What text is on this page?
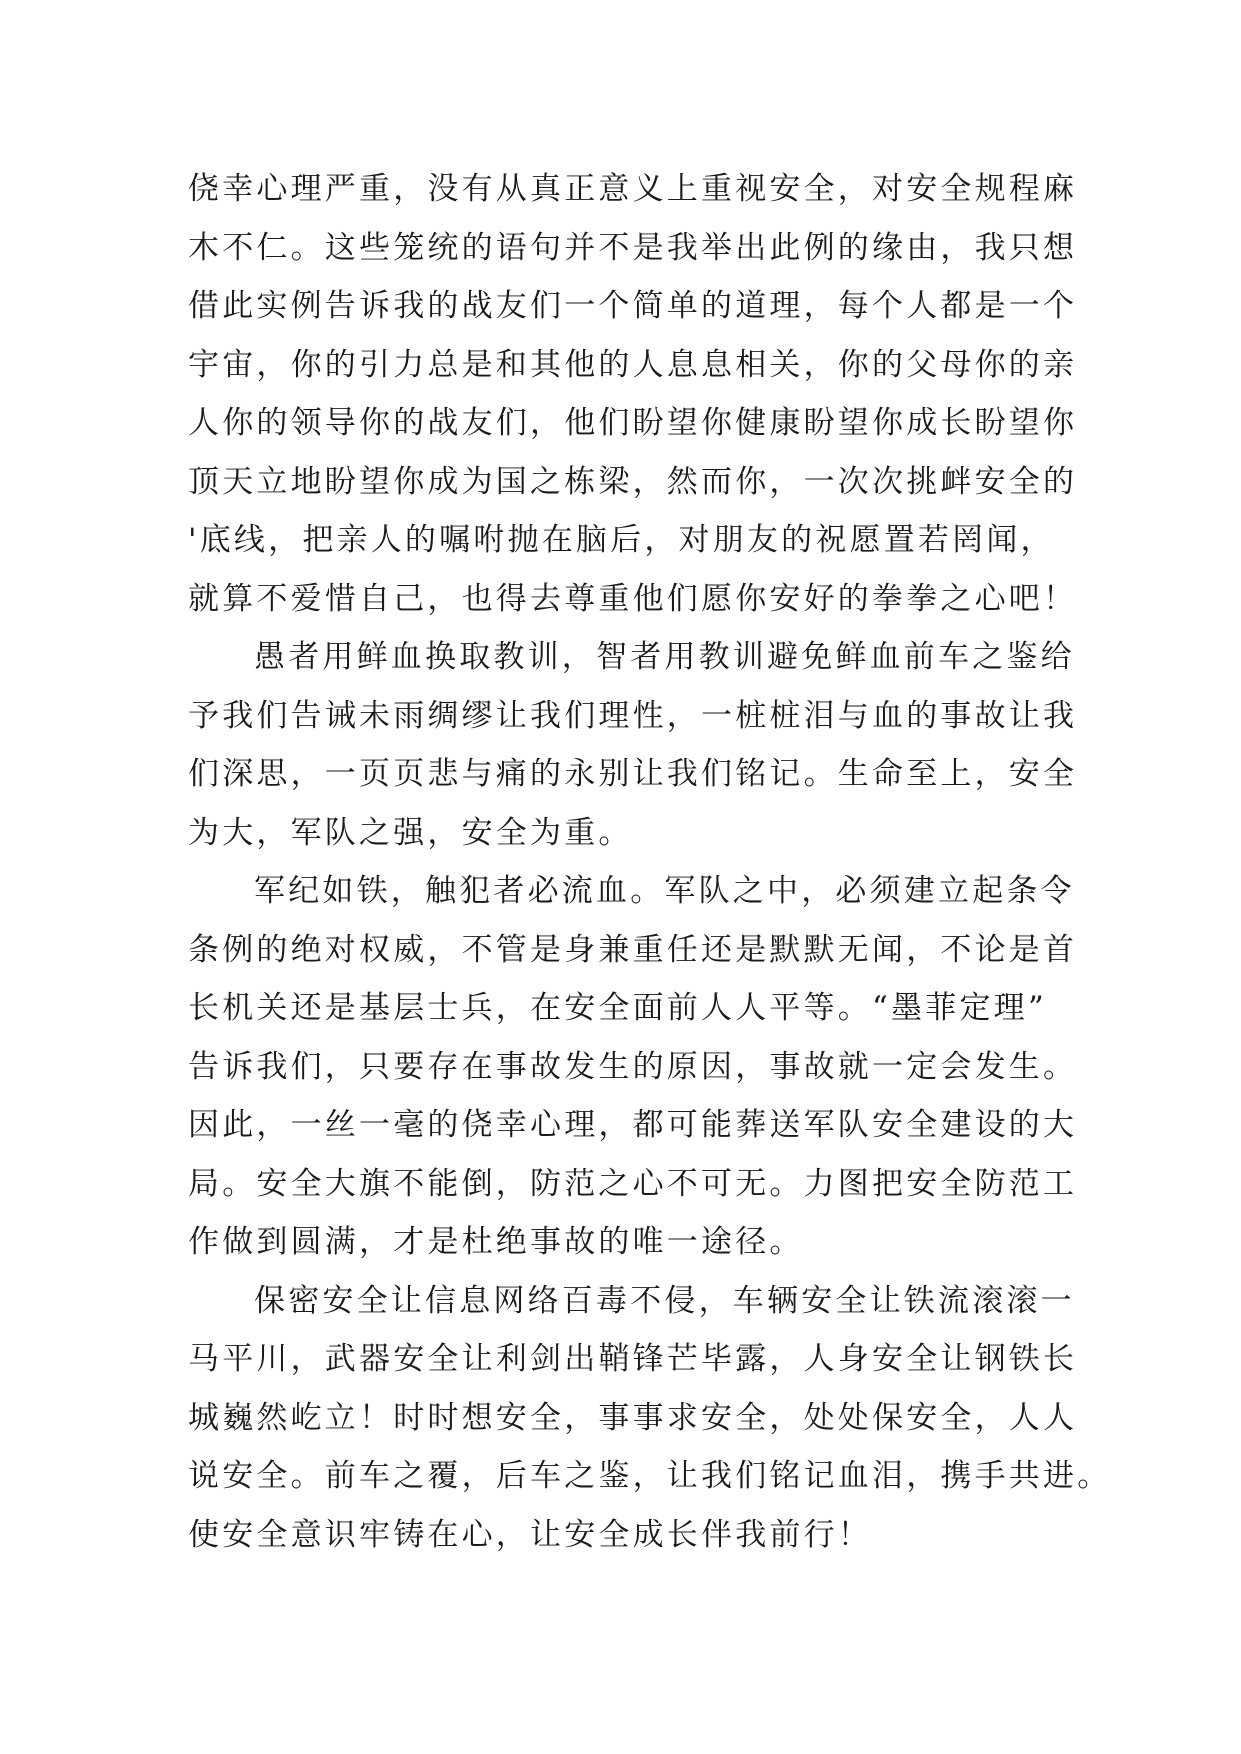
侥幸心理严重，没有从真正意义上重视安全，对安全规程麻
木不仁。这些笼统的语句并不是我举出此例的缘由，我只想
借此实例告诉我的战友们一个简单的道理，每个人都是一个
宇宙，你的引力总是和其他的人息息相关，你的父母你的亲
人你的领导你的战友们，他们盼望你健康盼望你成长盼望你
顶天立地盼望你成为国之栋梁，然而你，一次次挑衅安全的
'底线，把亲人的嘱咐抛在脑后，对朋友的祝愿置若罔闻，
就算不爱惜自己，也得去尊重他们愿你安好的拳拳之心吧！
愚者用鲜血换取教训，智者用教训避免鲜血前车之鉴给
予我们告诫未雨绸缪让我们理性，一桩桩泪与血的事故让我
们深思，一页页悲与痛的永别让我们铭记。生命至上，安全
为大，军队之强，安全为重。
军纪如铁，触犯者必流血。军队之中，必须建立起条令
条例的绝对权威，不管是身兼重任还是默默无闻，不论是首
长机关还是基层士兵，在安全面前人人平等。“墨菲定理”
告诉我们，只要存在事故发生的原因，事故就一定会发生。
因此，一丝一毫的侥幸心理，都可能葬送军队安全建设的大
局。安全大旗不能倒，防范之心不可无。力图把安全防范工
作做到圆满，才是杜绝事故的唯一途径。
保密安全让信息网络百毒不侵，车辆安全让铁流滚滚一
马平川，武器安全让利剑出鞘锋芒毕露，人身安全让钢铁长
城巍然屹立！时时想安全，事事求安全，处处保安全，人人
说安全。前车之覆，后车之鉴，让我们铭记血泪，携手共进。
使安全意识牢铸在心，让安全成长伴我前行！
